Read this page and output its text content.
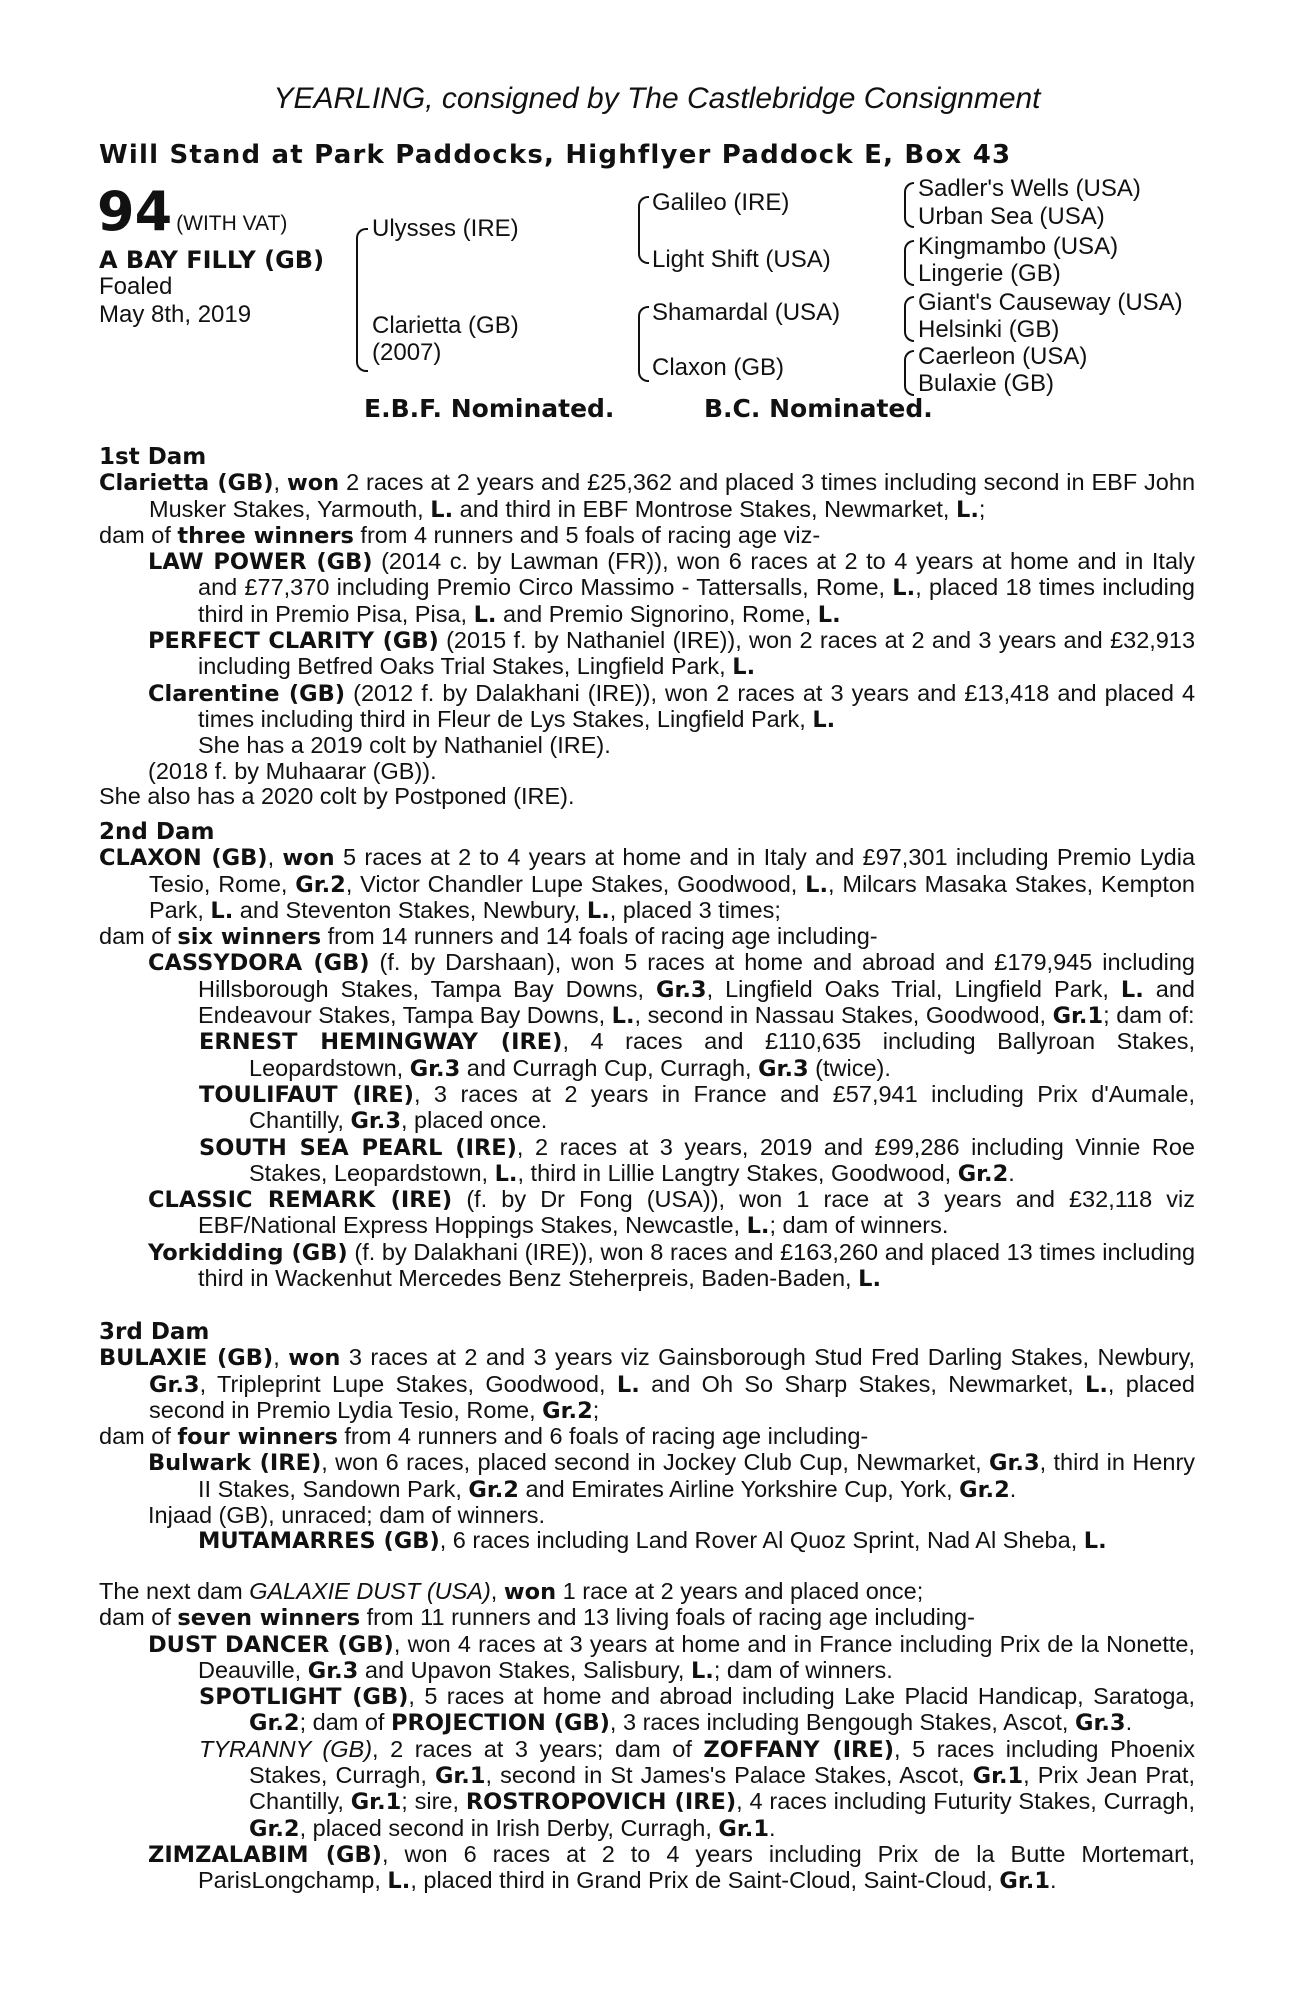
YEARLING, consigned by The Castlebridge Consignment
Will Stand at Park Paddocks, Highflyer Paddock E, Box 43
94 (WITH VAT)
A BAY FILLY (GB)
Foaled
May 8th, 2019
Ulysses (IRE)
Clarietta (GB)
(2007)
Galileo (IRE)
Light Shift (USA)
Shamardal (USA)
Claxon (GB)
Sadler's Wells (USA)
Urban Sea (USA)
Kingmambo (USA)
Lingerie (GB)
Giant's Causeway (USA)
Helsinki (GB)
Caerleon (USA)
Bulaxie (GB)
E.B.F. Nominated.	B.C. Nominated.
1st Dam
Clarietta (GB), won 2 races at 2 years and £25,362 and placed 3 times including second in EBF John Musker Stakes, Yarmouth, L. and third in EBF Montrose Stakes, Newmarket, L.;
dam of three winners from 4 runners and 5 foals of racing age viz-
LAW POWER (GB) (2014 c. by Lawman (FR)), won 6 races at 2 to 4 years at home and in Italy and £77,370 including Premio Circo Massimo - Tattersalls, Rome, L., placed 18 times including third in Premio Pisa, Pisa, L. and Premio Signorino, Rome, L.
PERFECT CLARITY (GB) (2015 f. by Nathaniel (IRE)), won 2 races at 2 and 3 years and £32,913 including Betfred Oaks Trial Stakes, Lingfield Park, L.
Clarentine (GB) (2012 f. by Dalakhani (IRE)), won 2 races at 3 years and £13,418 and placed 4 times including third in Fleur de Lys Stakes, Lingfield Park, L.
She has a 2019 colt by Nathaniel (IRE).
(2018 f. by Muhaarar (GB)).
She also has a 2020 colt by Postponed (IRE).
2nd Dam
CLAXON (GB), won 5 races at 2 to 4 years at home and in Italy and £97,301 including Premio Lydia Tesio, Rome, Gr.2, Victor Chandler Lupe Stakes, Goodwood, L., Milcars Masaka Stakes, Kempton Park, L. and Steventon Stakes, Newbury, L., placed 3 times;
dam of six winners from 14 runners and 14 foals of racing age including-
CASSYDORA (GB) (f. by Darshaan), won 5 races at home and abroad and £179,945 including Hillsborough Stakes, Tampa Bay Downs, Gr.3, Lingfield Oaks Trial, Lingfield Park, L. and Endeavour Stakes, Tampa Bay Downs, L., second in Nassau Stakes, Goodwood, Gr.1; dam of:
ERNEST HEMINGWAY (IRE), 4 races and £110,635 including Ballyroan Stakes, Leopardstown, Gr.3 and Curragh Cup, Curragh, Gr.3 (twice).
TOULIFAUT (IRE), 3 races at 2 years in France and £57,941 including Prix d'Aumale, Chantilly, Gr.3, placed once.
SOUTH SEA PEARL (IRE), 2 races at 3 years, 2019 and £99,286 including Vinnie Roe Stakes, Leopardstown, L., third in Lillie Langtry Stakes, Goodwood, Gr.2.
CLASSIC REMARK (IRE) (f. by Dr Fong (USA)), won 1 race at 3 years and £32,118 viz EBF/National Express Hoppings Stakes, Newcastle, L.; dam of winners.
Yorkidding (GB) (f. by Dalakhani (IRE)), won 8 races and £163,260 and placed 13 times including third in Wackenhut Mercedes Benz Steherpreis, Baden-Baden, L.
3rd Dam
BULAXIE (GB), won 3 races at 2 and 3 years viz Gainsborough Stud Fred Darling Stakes, Newbury, Gr.3, Tripleprint Lupe Stakes, Goodwood, L. and Oh So Sharp Stakes, Newmarket, L., placed second in Premio Lydia Tesio, Rome, Gr.2;
dam of four winners from 4 runners and 6 foals of racing age including-
Bulwark (IRE), won 6 races, placed second in Jockey Club Cup, Newmarket, Gr.3, third in Henry II Stakes, Sandown Park, Gr.2 and Emirates Airline Yorkshire Cup, York, Gr.2.
Injaad (GB), unraced; dam of winners.
MUTAMARRES (GB), 6 races including Land Rover Al Quoz Sprint, Nad Al Sheba, L.
The next dam GALAXIE DUST (USA), won 1 race at 2 years and placed once;
dam of seven winners from 11 runners and 13 living foals of racing age including-
DUST DANCER (GB), won 4 races at 3 years at home and in France including Prix de la Nonette, Deauville, Gr.3 and Upavon Stakes, Salisbury, L.; dam of winners.
SPOTLIGHT (GB), 5 races at home and abroad including Lake Placid Handicap, Saratoga, Gr.2; dam of PROJECTION (GB), 3 races including Bengough Stakes, Ascot, Gr.3.
TYRANNY (GB), 2 races at 3 years; dam of ZOFFANY (IRE), 5 races including Phoenix Stakes, Curragh, Gr.1, second in St James's Palace Stakes, Ascot, Gr.1, Prix Jean Prat, Chantilly, Gr.1; sire, ROSTROPOVICH (IRE), 4 races including Futurity Stakes, Curragh, Gr.2, placed second in Irish Derby, Curragh, Gr.1.
ZIMZALABIM (GB), won 6 races at 2 to 4 years including Prix de la Butte Mortemart, ParisLongchamp, L., placed third in Grand Prix de Saint-Cloud, Saint-Cloud, Gr.1.
